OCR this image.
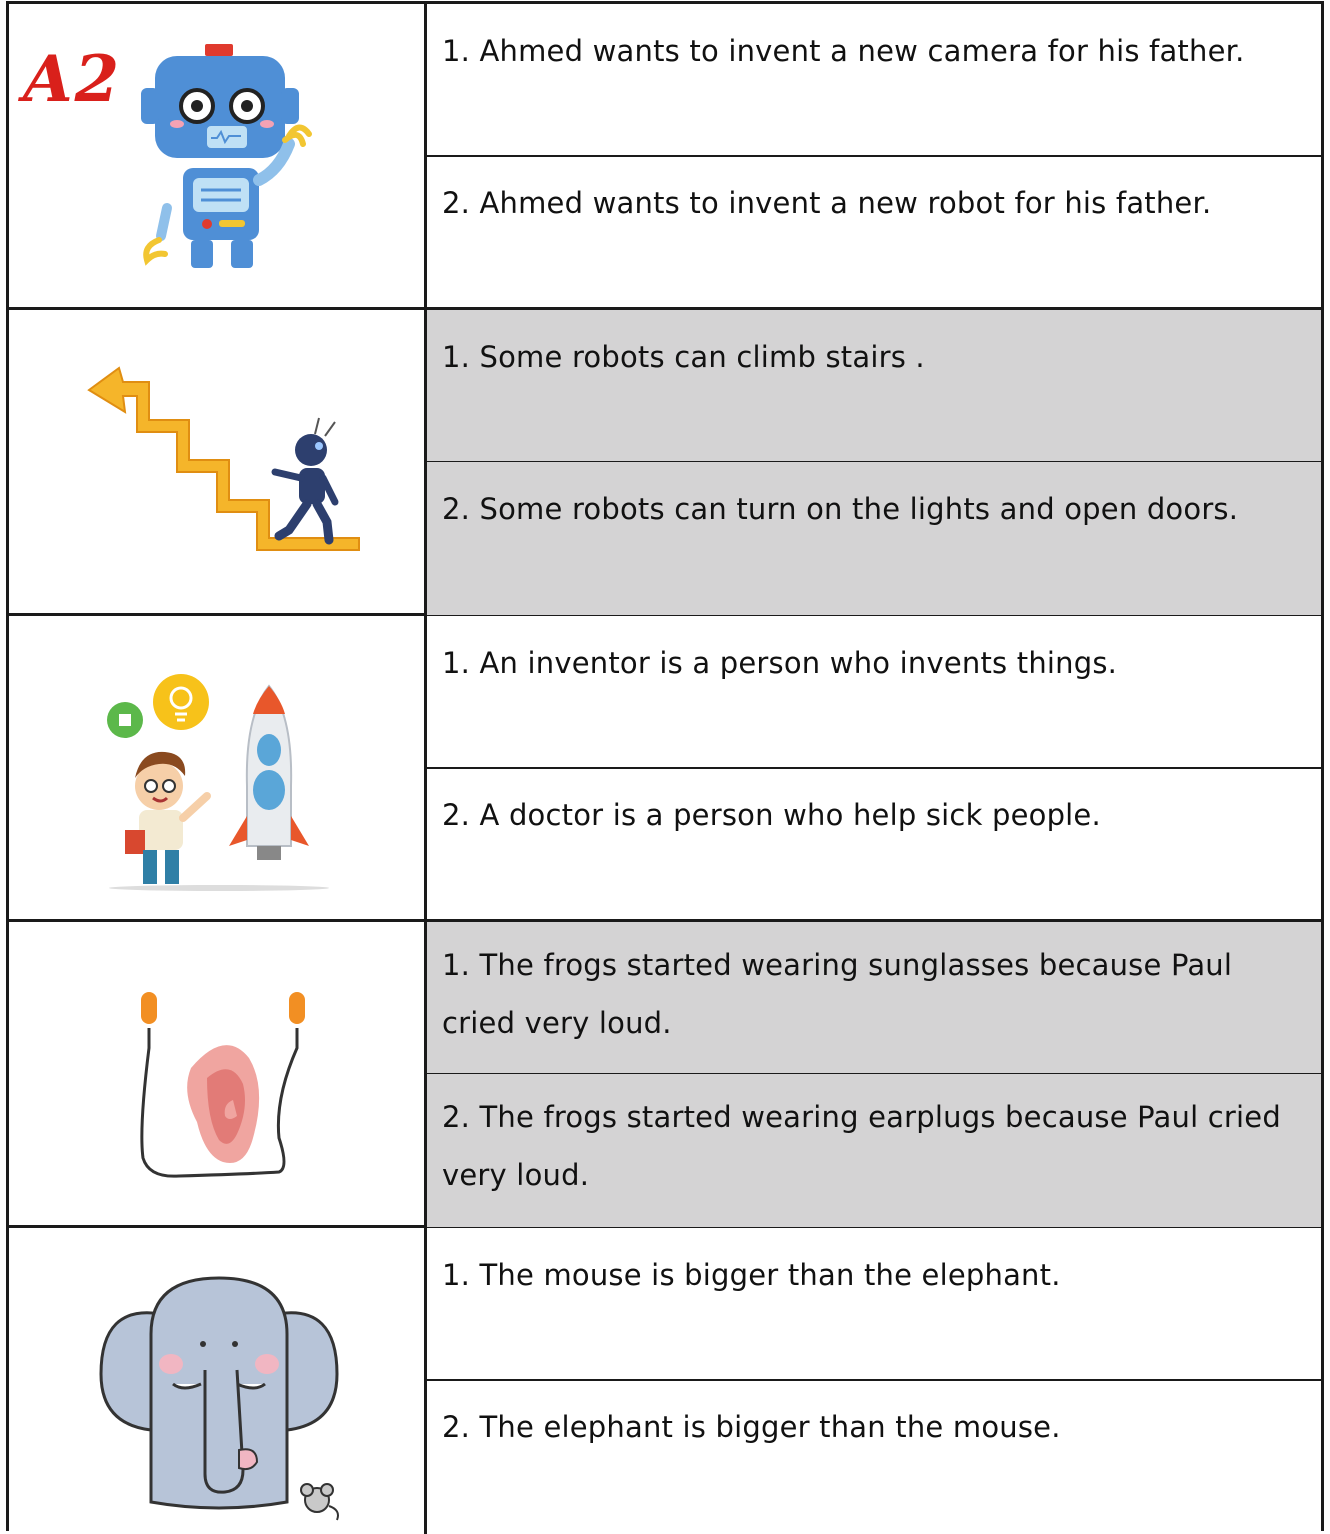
A2	1. Ahmed wants to invent a new camera for his father.
2. Ahmed wants to invent a new robot for his father.
1. Some robots can climb stairs .
2. Some robots can turn on the lights and open doors.
1. An inventor is a person who invents things.
2. A doctor is a person who help sick people.
1. The frogs started wearing sunglasses because Paul cried very loud.
2. The frogs started wearing earplugs because Paul cried very loud.
1. The mouse is bigger than the elephant.
2. The elephant is bigger than the mouse.
